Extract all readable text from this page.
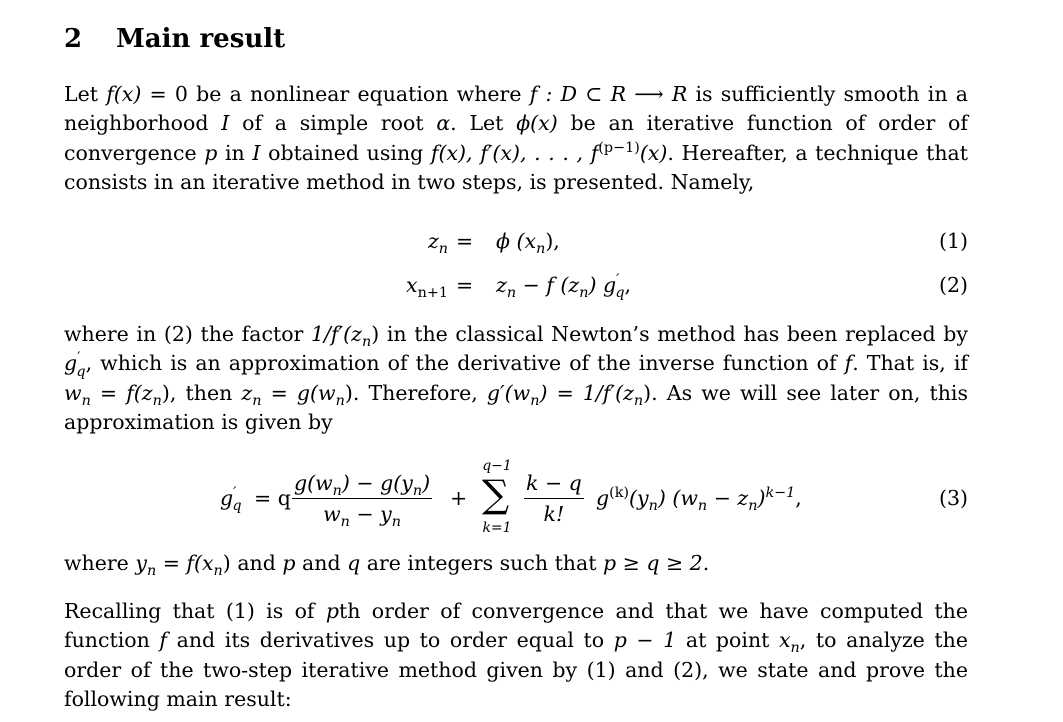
2 Main result
Let f(x) = 0 be a nonlinear equation where f : D ⊂ R ⟶ R is sufficiently smooth in a neighborhood I of a simple root α. Let ϕ(x) be an iterative function of order of convergence p in I obtained using f(x), f′(x), . . . , $f^{(p-1)}(x)$. Hereafter, a technique that consists in an iterative method in two steps, is presented. Namely,
$z_n = \phi$ $(x_n)$,	(1)
$x_{n+1} = z_n - f$ $(z_n)$ $g'_q$,	(2)
where in (2) the factor $1/f'(z_n)$ in the classical Newton’s method has been replaced by $g'_q$, which is an approximation of the derivative of the inverse function of f. That is, if $w_n = f(z_n)$, then $z_n = g(w_n)$. Therefore, $g'(w_n) = 1/f'(z_n)$. As we will see later on, this approximation is given by
$g'_q = q \frac{g(w_n) - g(y_n)}{w_n - y_n}$ +
q−1
∑
k=1
$\frac{k - q}{k!} g^{(k)}(y_n) (w_n - z_n)^{k-1}$,	(3)
where $y_n = f(x_n)$ and p and q are integers such that p ≥ q ≥ 2.
Recalling that (1) is of pth order of convergence and that we have computed the function f and its derivatives up to order equal to p − 1 at point $x_n$, to analyze the order of the two-step iterative method given by (1) and (2), we state and prove the following main result:
